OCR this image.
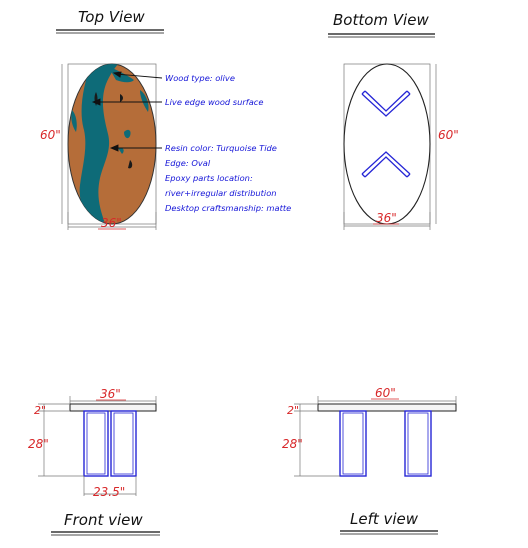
Top View
60"
36"
Wood type: olive
Live edge wood surface
Resin color: Turquoise Tide
Edge: Oval
Epoxy parts location:
river+irregular distribution
Desktop craftsmanship: matte
Bottom View
60"
36"
36"
2"
28"
23.5"
Front view
60"
2"
28"
Left view
